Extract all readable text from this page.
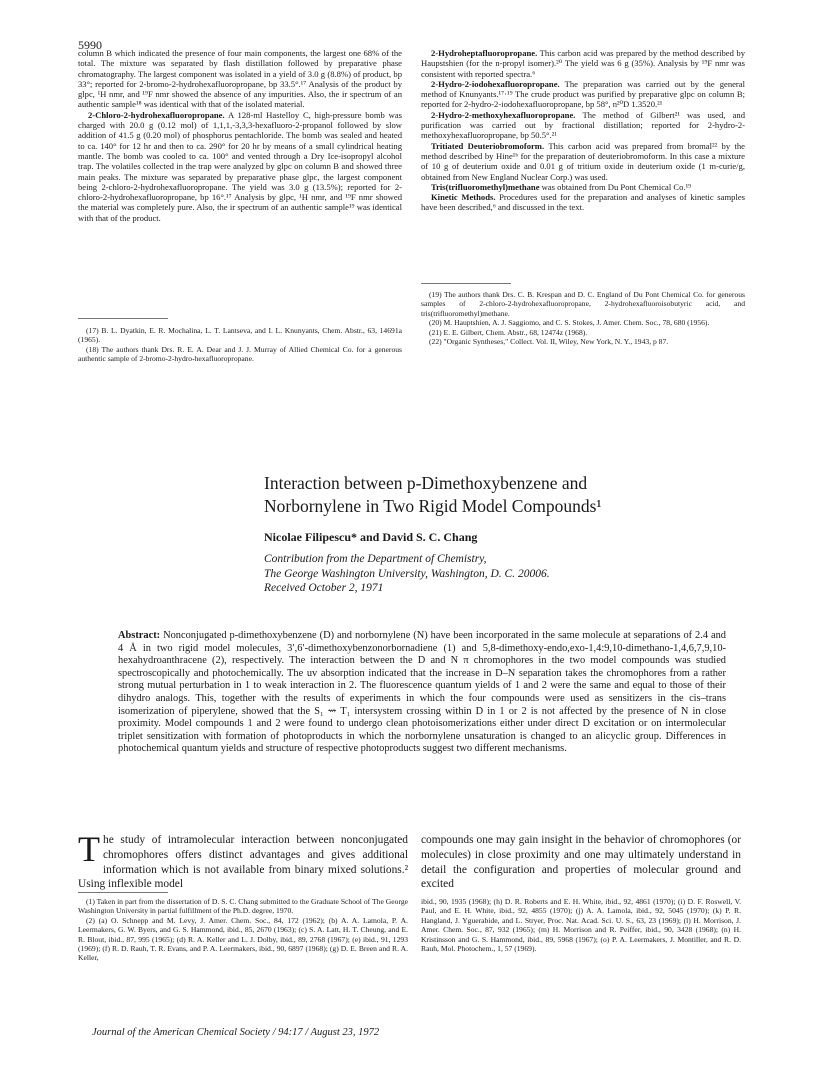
5990

column B which indicated the presence of four main components, the largest one 68% of the total. The mixture was separated by flash distillation followed by preparative phase chromatography. The largest component was isolated in a yield of 3.0 g (8.8%) of product, bp 33°; reported for 2-bromo-2-hydrohexafluoropropane, bp 33.5°.¹⁷ Analysis of the product by glpc, ¹H nmr, and ¹⁹F nmr showed the absence of any impurities. Also, the ir spectrum of an authentic sample¹⁸ was identical with that of the isolated material.

2-Chloro-2-hydrohexafluoropropane. A 128-ml Hastelloy C, high-pressure bomb was charged with 20.0 g (0.12 mol) of 1,1,1,-3,3,3-hexafluoro-2-propanol followed by slow addition of 41.5 g (0.20 mol) of phosphorus pentachloride. The bomb was sealed and heated to ca. 140° for 12 hr and then to ca. 290° for 20 hr by means of a small cylindrical heating mantle. The bomb was cooled to ca. 100° and vented through a Dry Ice-isopropyl alcohol trap. The volatiles collected in the trap were analyzed by glpc on column B and showed three main peaks. The mixture was separated by preparative phase glpc, the largest component being 2-chloro-2-hydrohexafluoropropane. The yield was 3.0 g (13.5%); reported for 2-chloro-2-hydrohexafluoropropane, bp 16°.¹⁷ Analysis by glpc, ¹H nmr, and ¹⁹F nmr showed the material was completely pure. Also, the ir spectrum of an authentic sample¹⁹ was identical with that of the product.

(17) B. L. Dyatkin, E. R. Mochalina, L. T. Lantseva, and I. L. Knunyants, Chem. Abstr., 63, 14691a (1965).

(18) The authors thank Drs. R. E. A. Dear and J. J. Murray of Allied Chemical Co. for a generous authentic sample of 2-bromo-2-hydro-hexafluoropropane.

2-Hydroheptafluoropropane. This carbon acid was prepared by the method described by Haupstshien (for the n-propyl isomer).²⁰ The yield was 6 g (35%). Analysis by ¹⁹F nmr was consistent with reported spectra.⁶

2-Hydro-2-iodohexafluoropropane. The preparation was carried out by the general method of Knunyants.¹⁷·¹⁹ The crude product was purified by preparative glpc on column B; reported for 2-hydro-2-iodohexafluoropropane, bp 58°, n²⁰D 1.3520.²¹

2-Hydro-2-methoxyhexafluoropropane. The method of Gilbert²¹ was used, and purification was carried out by fractional distillation; reported for 2-hydro-2-methoxyhexafluoropropane, bp 50.5°.²¹

Tritiated Deuteriobromoform. This carbon acid was prepared from bromal²² by the method described by Hine¹ᵇ for the preparation of deuteriobromoform. In this case a mixture of 10 g of deuterium oxide and 0.01 g of tritium oxide in deuterium oxide (1 m-curie/g, obtained from New England Nuclear Corp.) was used.

Tris(trifluoromethyl)methane was obtained from Du Pont Chemical Co.¹⁹

Kinetic Methods. Procedures used for the preparation and analyses of kinetic samples have been described,⁶ and discussed in the text.

(19) The authors thank Drs. C. B. Krespan and D. C. England of Du Pont Chemical Co. for generous samples of 2-chloro-2-hydrohexafluoropropane, 2-hydrohexafluoroisobutyric acid, and tris(trifluoromethyl)methane.

(20) M. Hauptshien, A. J. Saggiomo, and C. S. Stokes, J. Amer. Chem. Soc., 78, 680 (1956).

(21) E. E. Gilbert, Chem. Abstr., 68, 12474z (1968).

(22) "Organic Syntheses," Collect. Vol. II, Wiley, New York, N. Y., 1943, p 87.

Interaction between p-Dimethoxybenzene and
Norbornylene in Two Rigid Model Compounds¹
Nicolae Filipescu* and David S. C. Chang
Contribution from the Department of Chemistry,
The George Washington University, Washington, D. C. 20006.
Received October 2, 1971
Abstract: Nonconjugated p-dimethoxybenzene (D) and norbornylene (N) have been incorporated in the same molecule at separations of 2.4 and 4 Å in two rigid model molecules, 3′,6′-dimethoxybenzonorbornadiene (1) and 5,8-dimethoxy-endo,exo-1,4:9,10-dimethano-1,4,6,7,9,10-hexahydroanthracene (2), respectively. The interaction between the D and N π chromophores in the two model compounds was studied spectroscopically and photochemically. The uv absorption indicated that the increase in D–N separation takes the chromophores from a rather strong mutual perturbation in 1 to weak interaction in 2. The fluorescence quantum yields of 1 and 2 were the same and equal to those of their dihydro analogs. This, together with the results of experiments in which the four compounds were used as sensitizers in the cis–trans isomerization of piperylene, showed that the S₁ ⇝ T₁ intersystem crossing within D in 1 or 2 is not affected by the presence of N in close proximity. Model compounds 1 and 2 were found to undergo clean photoisomerizations either under direct D excitation or on intermolecular triplet sensitization with formation of photoproducts in which the norbornylene unsaturation is changed to an alicyclic group. Differences in photochemical quantum yields and structure of respective photoproducts suggest two different mechanisms.
The study of intramolecular interaction between nonconjugated chromophores offers distinct advantages and gives additional information which is not available from binary mixed solutions.² Using inflexible model
compounds one may gain insight in the behavior of chromophores (or molecules) in close proximity and one may ultimately understand in detail the configuration and properties of molecular ground and excited

(1) Taken in part from the dissertation of D. S. C. Chang submitted to the Graduate School of The George Washington University in partial fulfillment of the Ph.D. degree, 1970.

(2) (a) O. Schnepp and M. Levy, J. Amer. Chem. Soc., 84, 172 (1962); (b) A. A. Lamola, P. A. Leermakers, G. W. Byers, and G. S. Hammond, ibid., 85, 2670 (1963); (c) S. A. Latt, H. T. Cheung, and E. R. Blout, ibid., 87, 995 (1965); (d) R. A. Keller and L. J. Dolby, ibid., 89, 2768 (1967); (e) ibid., 91, 1293 (1969); (f) R. D. Rauh, T. R. Evans, and P. A. Leermakers, ibid., 90, 6897 (1968); (g) D. E. Breen and R. A. Keller,

ibid., 90, 1935 (1968); (h) D. R. Roberts and E. H. White, ibid., 92, 4861 (1970); (i) D. F. Roswell, V. Paul, and E. H. White, ibid., 92, 4855 (1970); (j) A. A. Lamola, ibid., 92, 5045 (1970); (k) P. R. Hangland, J. Yguerabide, and L. Stryer, Proc. Nat. Acad. Sci. U. S., 63, 23 (1969); (l) H. Morrison, J. Amer. Chem. Soc., 87, 932 (1965); (m) H. Morrison and R. Peiffer, ibid., 90, 3428 (1968); (n) H. Kristinsson and G. S. Hammond, ibid., 89, 5968 (1967); (o) P. A. Leermakers, J. Montiller, and R. D. Rauh, Mol. Photochem., 1, 57 (1969).

Journal of the American Chemical Society / 94:17 / August 23, 1972
